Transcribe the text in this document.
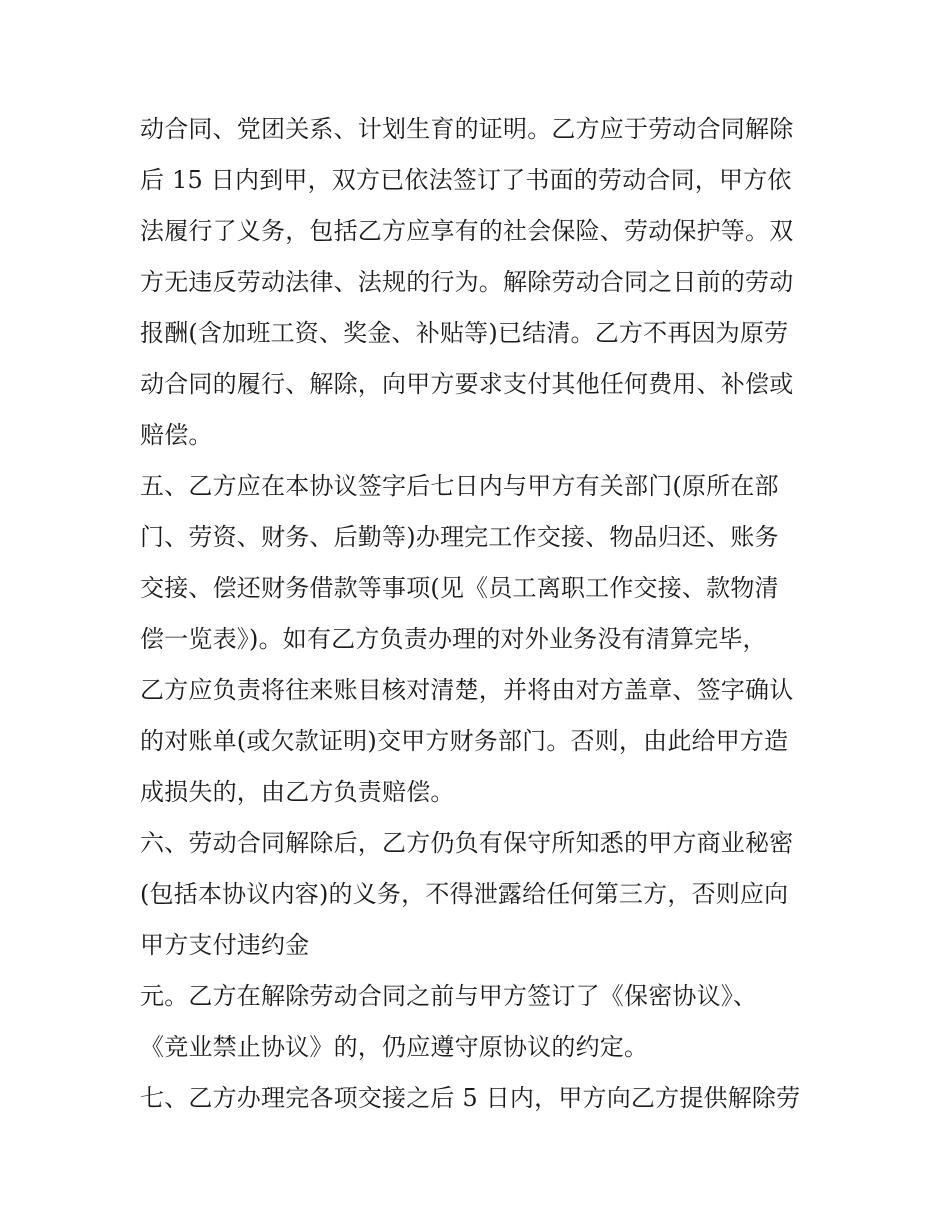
动合同、党团关系、计划生育的证明。乙方应于劳动合同解除
后 15 日内到甲，双方已依法签订了书面的劳动合同，甲方依
法履行了义务，包括乙方应享有的社会保险、劳动保护等。双
方无违反劳动法律、法规的行为。解除劳动合同之日前的劳动
报酬(含加班工资、奖金、补贴等)已结清。乙方不再因为原劳
动合同的履行、解除，向甲方要求支付其他任何费用、补偿或
赔偿。
五、乙方应在本协议签字后七日内与甲方有关部门(原所在部
门、劳资、财务、后勤等)办理完工作交接、物品归还、账务
交接、偿还财务借款等事项(见《员工离职工作交接、款物清
偿一览表》)。如有乙方负责办理的对外业务没有清算完毕，
乙方应负责将往来账目核对清楚，并将由对方盖章、签字确认
的对账单(或欠款证明)交甲方财务部门。否则，由此给甲方造
成损失的，由乙方负责赔偿。
六、劳动合同解除后，乙方仍负有保守所知悉的甲方商业秘密
(包括本协议内容)的义务，不得泄露给任何第三方，否则应向
甲方支付违约金
元。乙方在解除劳动合同之前与甲方签订了《保密协议》、
《竞业禁止协议》的，仍应遵守原协议的约定。
七、乙方办理完各项交接之后 5 日内，甲方向乙方提供解除劳
